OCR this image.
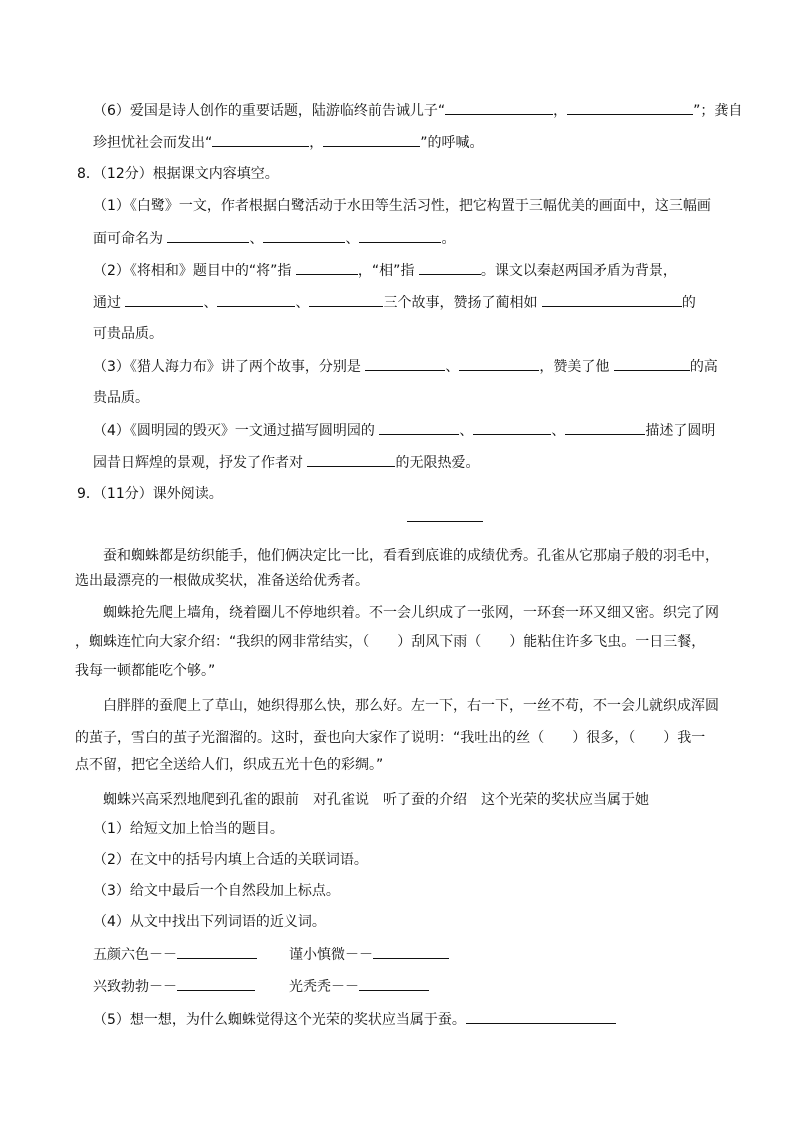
（6）爱国是诗人创作的重要话题，陆游临终前告诫儿子“	，	”；龚自
珍担忧社会而发出“	，	”的呼喊。
8．（12分）根据课文内容填空。
（1）《白鹭》一文，作者根据白鹭活动于水田等生活习性，把它构置于三幅优美的画面中，这三幅画
面可命名为	、	、	。
（2）《将相和》题目中的“将”指	，“相”指	。课文以秦赵两国矛盾为背景，
通过	、	、	三个故事，赞扬了蔺相如	的
可贵品质。
（3）《猎人海力布》讲了两个故事，分别是	、	，赞美了他	的高
贵品质。
（4）《圆明园的毁灭》一文通过描写圆明园的	、	、	描述了圆明
园昔日辉煌的景观，抒发了作者对	的无限热爱。
9．（11分）课外阅读。
蚕和蜘蛛都是纺织能手，他们俩决定比一比，看看到底谁的成绩优秀。孔雀从它那扇子般的羽毛中，
选出最漂亮的一根做成奖状，准备送给优秀者。
蜘蛛抢先爬上墙角，绕着圈儿不停地织着。不一会儿织成了一张网，一环套一环又细又密。织完了网
，蜘蛛连忙向大家介绍：“我织的网非常结实，（　　）刮风下雨（　　）能粘住许多飞虫。一日三餐，
我每一顿都能吃个够。”
白胖胖的蚕爬上了草山，她织得那么快，那么好。左一下，右一下，一丝不苟，不一会儿就织成浑圆
的茧子，雪白的茧子光溜溜的。这时，蚕也向大家作了说明：“我吐出的丝（　　）很多，（　　）我一
点不留，把它全送给人们，织成五光十色的彩绸。”
蜘蛛兴高采烈地爬到孔雀的跟前　对孔雀说　听了蚕的介绍　这个光荣的奖状应当属于她
（1）给短文加上恰当的题目。
（2）在文中的括号内填上合适的关联词语。
（3）给文中最后一个自然段加上标点。
（4）从文中找出下列词语的近义词。
五颜六色－－	谨小慎微－－
兴致勃勃－－	光秃秃－－
（5）想一想，为什么蜘蛛觉得这个光荣的奖状应当属于蚕。
